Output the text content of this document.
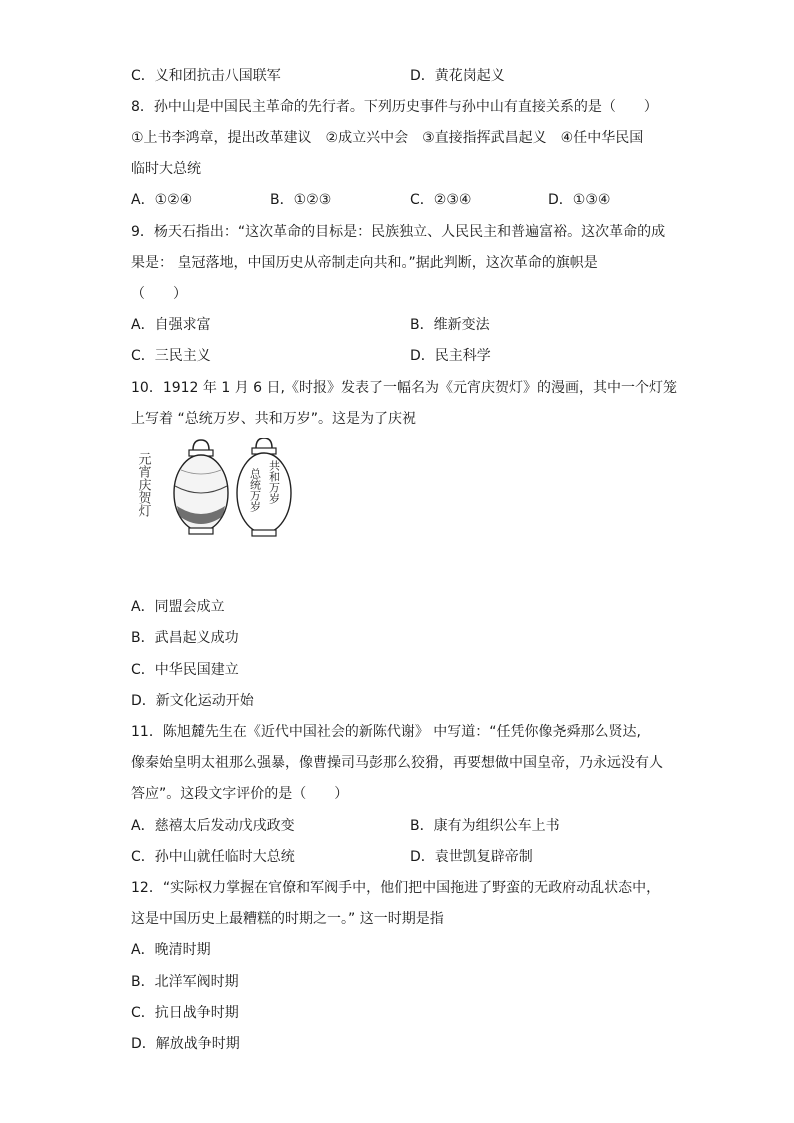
C．义和团抗击八国联军	D．黄花岗起义
8．孙中山是中国民主革命的先行者。下列历史事件与孙中山有直接关系的是（　　）
①上书李鸿章，提出改革建议　②成立兴中会　③直接指挥武昌起义　④任中华民国
临时大总统
A．①②④	B．①②③	C．②③④	D．①③④
9．杨天石指出：“这次革命的目标是：民族独立、人民民主和普遍富裕。这次革命的成
果是： 皇冠落地，中国历史从帝制走向共和。”据此判断，这次革命的旗帜是
（　　）
A．自强求富	B．维新变法
C．三民主义	D．民主科学
10．1912 年 1 月 6 日,《时报》发表了一幅名为《元宵庆贺灯》的漫画，其中一个灯笼
上写着 “总统万岁、共和万岁”。这是为了庆祝
元宵庆贺灯	共和万岁
总统万岁
A．同盟会成立
B．武昌起义成功
C．中华民国建立
D．新文化运动开始
11．陈旭麓先生在《近代中国社会的新陈代谢》 中写道：“任凭你像尧舜那么贤达,
像秦始皇明太祖那么强暴，像曹操司马彭那么狡猾，再要想做中国皇帝，乃永远没有人
答应”。这段文字评价的是（　　）
A．慈禧太后发动戊戌政变	B．康有为组织公车上书
C．孙中山就任临时大总统	D．袁世凯复辟帝制
12．“实际权力掌握在官僚和军阀手中，他们把中国拖进了野蛮的无政府动乱状态中，
这是中国历史上最糟糕的时期之一。” 这一时期是指
A．晚清时期
B．北洋军阀时期
C．抗日战争时期
D．解放战争时期
